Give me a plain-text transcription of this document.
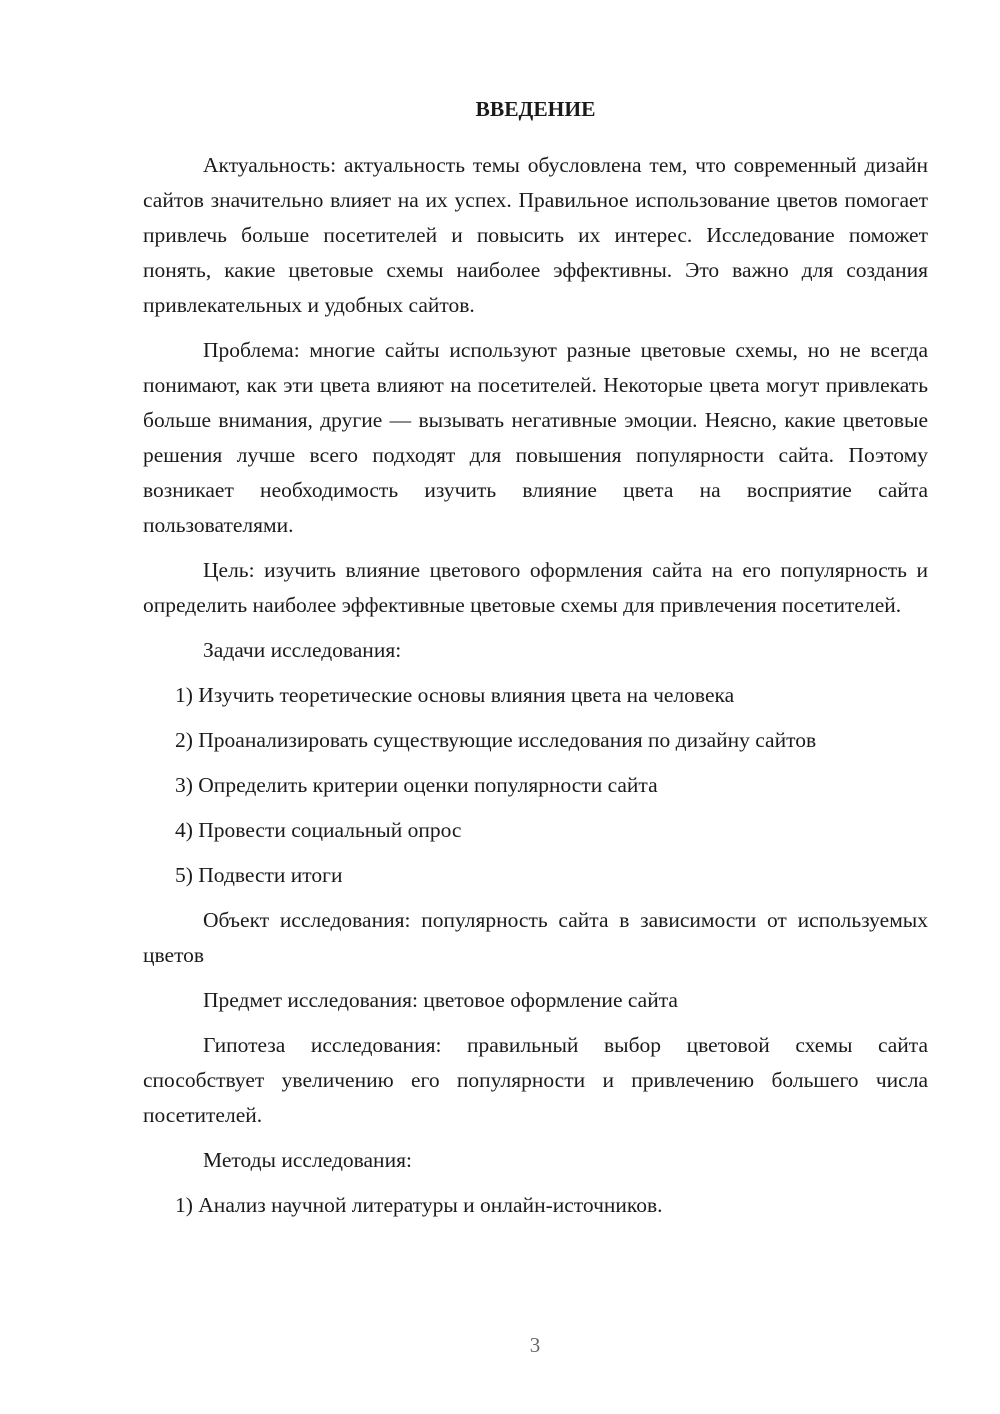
ВВЕДЕНИЕ

Актуальность: актуальность темы обусловлена тем, что современный дизайн сайтов значительно влияет на их успех. Правильное использование цветов помогает привлечь больше посетителей и повысить их интерес. Исследование поможет понять, какие цветовые схемы наиболее эффективны. Это важно для создания привлекательных и удобных сайтов.

Проблема: многие сайты используют разные цветовые схемы, но не всегда понимают, как эти цвета влияют на посетителей. Некоторые цвета могут привлекать больше внимания, другие — вызывать негативные эмоции. Неясно, какие цветовые решения лучше всего подходят для повышения популярности сайта. Поэтому возникает необходимость изучить влияние цвета на восприятие сайта пользователями.

Цель: изучить влияние цветового оформления сайта на его популярность и определить наиболее эффективные цветовые схемы для привлечения посетителей.

Задачи исследования:
1) Изучить теоретические основы влияния цвета на человека
2) Проанализировать существующие исследования по дизайну сайтов
3) Определить критерии оценки популярности сайта
4) Провести социальный опрос
5) Подвести итоги

Объект исследования: популярность сайта в зависимости от используемых цветов

Предмет исследования: цветовое оформление сайта

Гипотеза исследования: правильный выбор цветовой схемы сайта способствует увеличению его популярности и привлечению большего числа посетителей.

Методы исследования:
1) Анализ научной литературы и онлайн-источников.
3
